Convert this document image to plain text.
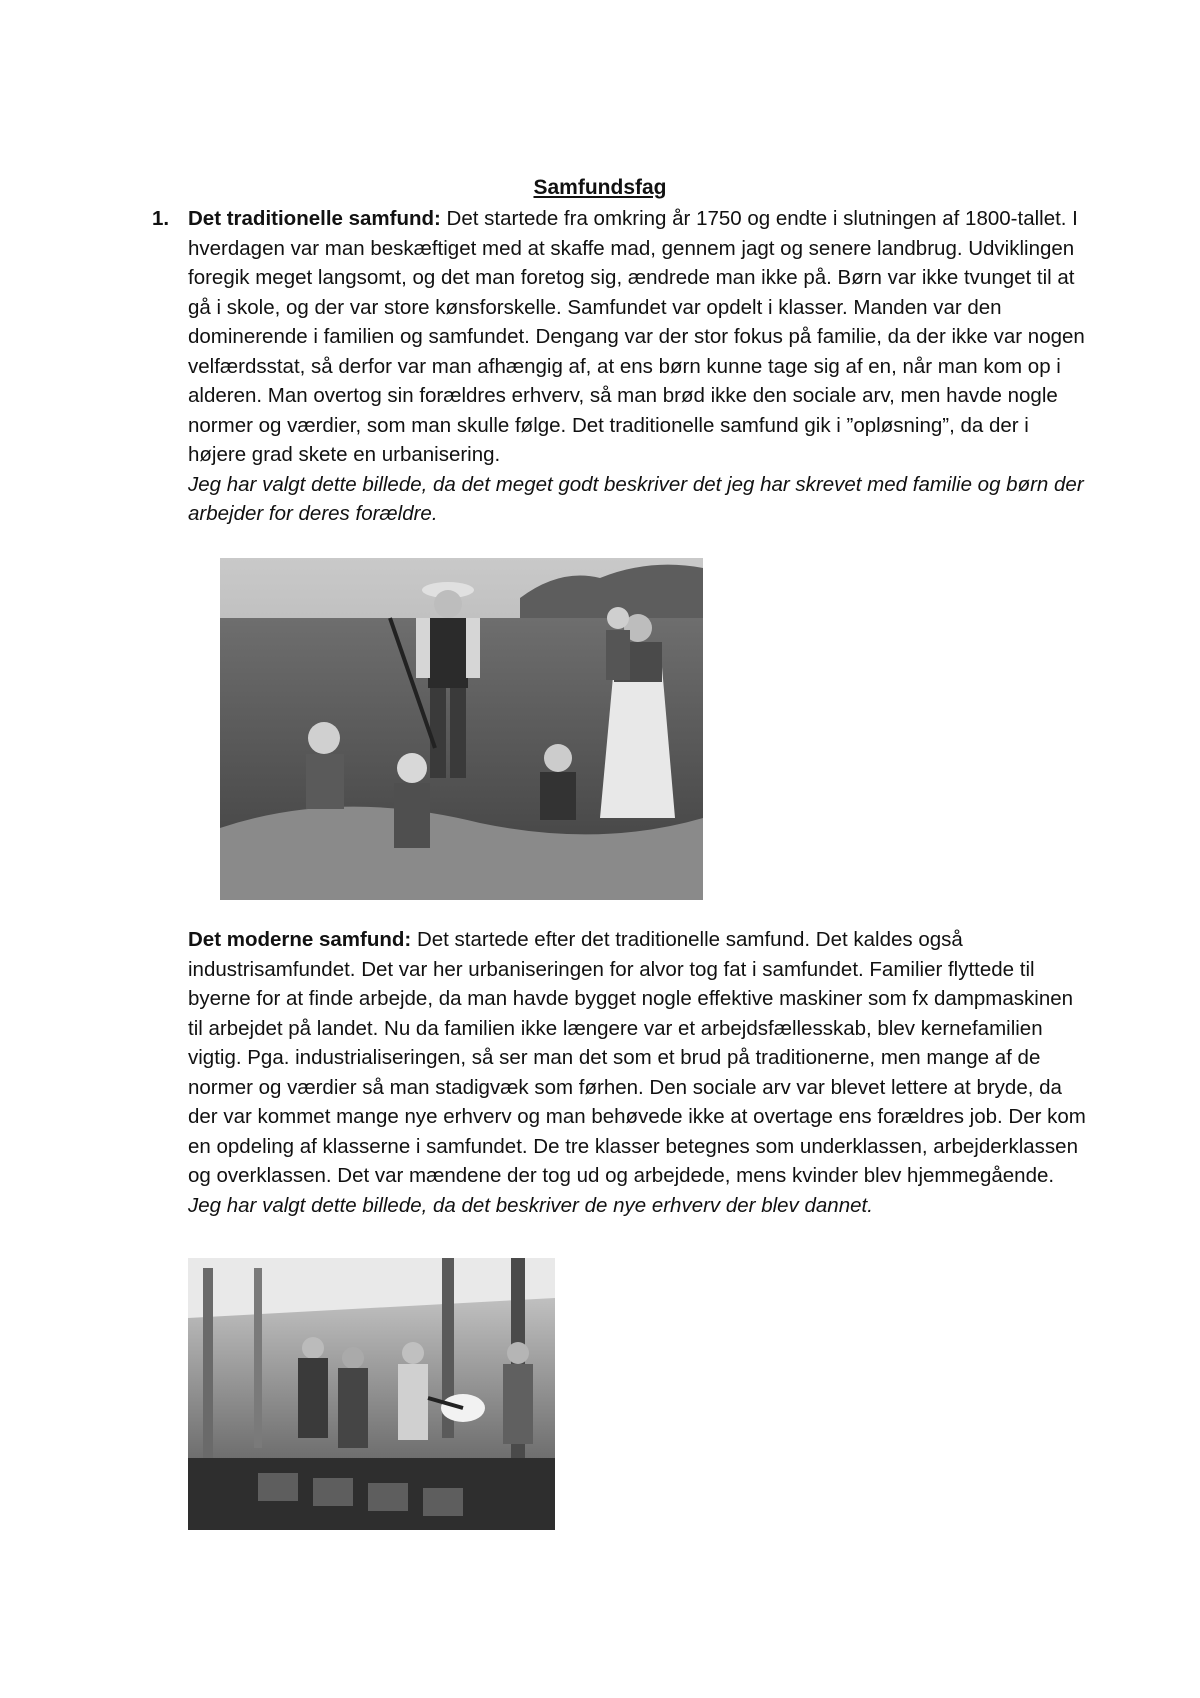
Samfundsfag
1. Det traditionelle samfund: Det startede fra omkring år 1750 og endte i slutningen af 1800-tallet. I hverdagen var man beskæftiget med at skaffe mad, gennem jagt og senere landbrug. Udviklingen foregik meget langsomt, og det man foretog sig, ændrede man ikke på. Børn var ikke tvunget til at gå i skole, og der var store kønsforskelle. Samfundet var opdelt i klasser. Manden var den dominerende i familien og samfundet. Dengang var der stor fokus på familie, da der ikke var nogen velfærdsstat, så derfor var man afhængig af, at ens børn kunne tage sig af en, når man kom op i alderen. Man overtog sin forældres erhverv, så man brød ikke den sociale arv, men havde nogle normer og værdier, som man skulle følge. Det traditionelle samfund gik i ”opløsning”, da der i højere grad skete en urbanisering.
Jeg har valgt dette billede, da det meget godt beskriver det jeg har skrevet med familie og børn der arbejder for deres forældre.
Det moderne samfund: Det startede efter det traditionelle samfund. Det kaldes også industrisamfundet. Det var her urbaniseringen for alvor tog fat i samfundet. Familier flyttede til byerne for at finde arbejde, da man havde bygget nogle effektive maskiner som fx dampmaskinen til arbejdet på landet. Nu da familien ikke længere var et arbejdsfællesskab, blev kernefamilien vigtig. Pga. industrialiseringen, så ser man det som et brud på traditionerne, men mange af de normer og værdier så man stadigvæk som førhen. Den sociale arv var blevet lettere at bryde, da der var kommet mange nye erhverv og man behøvede ikke at overtage ens forældres job. Der kom en opdeling af klasserne i samfundet. De tre klasser betegnes som underklassen, arbejderklassen og overklassen. Det var mændene der tog ud og arbejdede, mens kvinder blev hjemmegående.
Jeg har valgt dette billede, da det beskriver de nye erhverv der blev dannet.
